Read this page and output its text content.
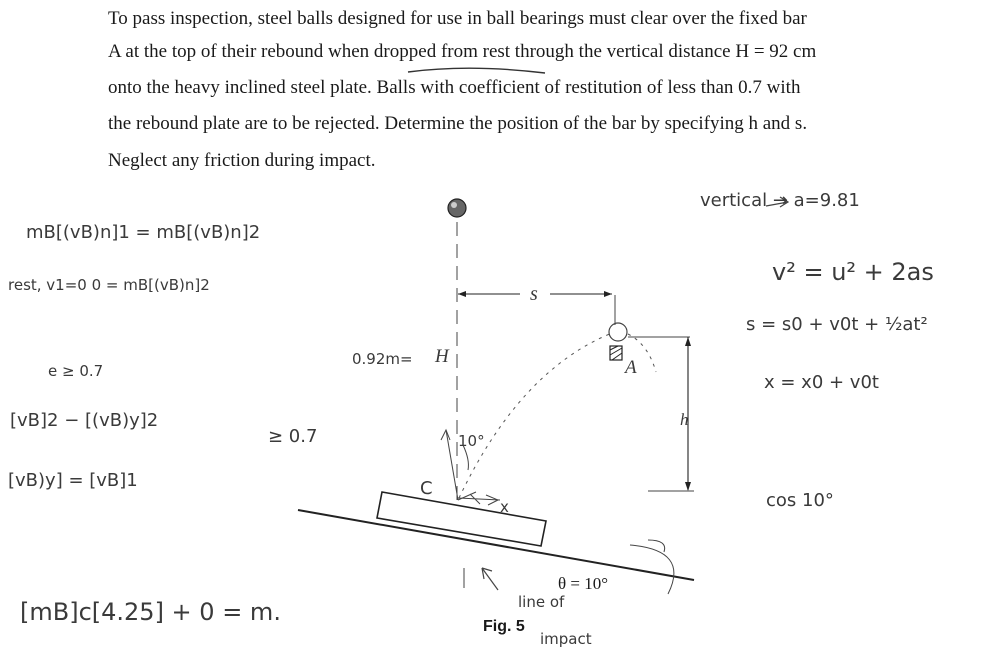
To pass inspection, steel balls designed for use in ball bearings must clear over the fixed bar
A at the top of their rebound when dropped from rest through the vertical distance H = 92 cm
onto the heavy inclined steel plate. Balls with coefficient of restitution of less than 0.7 with
the rebound plate are to be rejected. Determine the position of the bar by specifying h and s.
Neglect any friction during impact.
s
0.92m= H
A
h
10°
C
x
θ = 10°
Fig. 5
line of
impact
mB[(vB)n]1 = mB[(vB)n]2
rest, v1=0 0 = mB[(vB)n]2
e ≥ 0.7
[vB]2 − [(vB)y]2
≥ 0.7
[vB)y] = [vB]1
[mB]c[4.25] + 0 = m.
vertical → a=9.81
v² = u² + 2as
s = s0 + v0t + ½at²
x = x0 + v0t
cos 10°
